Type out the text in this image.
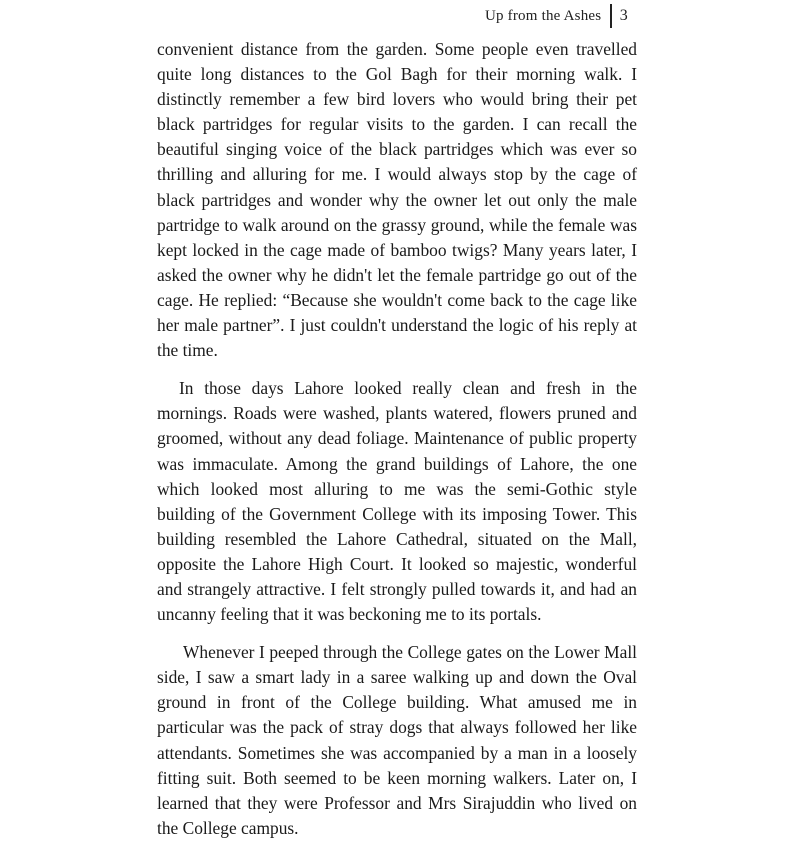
Up from the Ashes 3

convenient distance from the garden. Some people even travelled quite long distances to the Gol Bagh for their morning walk. I distinctly remember a few bird lovers who would bring their pet black partridges for regular visits to the garden. I can recall the beautiful singing voice of the black partridges which was ever so thrilling and alluring for me. I would always stop by the cage of black partridges and wonder why the owner let out only the male partridge to walk around on the grassy ground, while the female was kept locked in the cage made of bamboo twigs? Many years later, I asked the owner why he didn't let the female partridge go out of the cage. He replied: “Because she wouldn't come back to the cage like her male partner”. I just couldn't understand the logic of his reply at the time.

In those days Lahore looked really clean and fresh in the mornings. Roads were washed, plants watered, flowers pruned and groomed, without any dead foliage. Maintenance of public property was immaculate. Among the grand buildings of Lahore, the one which looked most alluring to me was the semi-Gothic style building of the Government College with its imposing Tower. This building resembled the Lahore Cathedral, situated on the Mall, opposite the Lahore High Court. It looked so majestic, wonderful and strangely attractive. I felt strongly pulled towards it, and had an uncanny feeling that it was beckoning me to its portals.

Whenever I peeped through the College gates on the Lower Mall side, I saw a smart lady in a saree walking up and down the Oval ground in front of the College building. What amused me in particular was the pack of stray dogs that always followed her like attendants. Sometimes she was accompanied by a man in a loosely fitting suit. Both seemed to be keen morning walkers. Later on, I learned that they were Professor and Mrs Sirajuddin who lived on the College campus.
